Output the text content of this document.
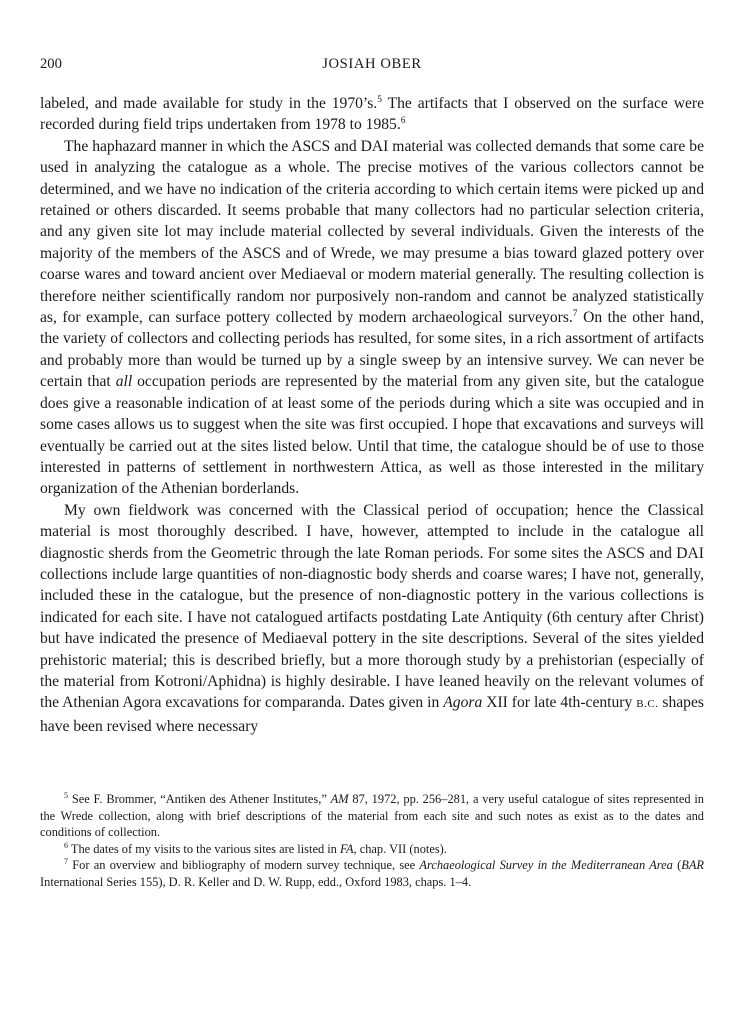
200	JOSIAH OBER

labeled, and made available for study in the 1970’s.$^5$ The artifacts that I observed on the surface were recorded during field trips undertaken from 1978 to 1985.$^6$

The haphazard manner in which the ASCS and DAI material was collected demands that some care be used in analyzing the catalogue as a whole. The precise motives of the various collectors cannot be determined, and we have no indication of the criteria according to which certain items were picked up and retained or others discarded. It seems probable that many collectors had no particular selection criteria, and any given site lot may include material collected by several individuals. Given the interests of the majority of the members of the ASCS and of Wrede, we may presume a bias toward glazed pottery over coarse wares and toward ancient over Mediaeval or modern material generally. The resulting collection is therefore neither scientifically random nor purposively non-random and cannot be analyzed statistically as, for example, can surface pottery collected by modern archaeological surveyors.$^7$ On the other hand, the variety of collectors and collecting periods has resulted, for some sites, in a rich assortment of artifacts and probably more than would be turned up by a single sweep by an intensive survey. We can never be certain that all occupation periods are represented by the material from any given site, but the catalogue does give a reasonable indication of at least some of the periods during which a site was occupied and in some cases allows us to suggest when the site was first occupied. I hope that excavations and surveys will eventually be carried out at the sites listed below. Until that time, the catalogue should be of use to those interested in patterns of settlement in northwestern Attica, as well as those interested in the military organization of the Athenian borderlands.

My own fieldwork was concerned with the Classical period of occupation; hence the Classical material is most thoroughly described. I have, however, attempted to include in the catalogue all diagnostic sherds from the Geometric through the late Roman periods. For some sites the ASCS and DAI collections include large quantities of non-diagnostic body sherds and coarse wares; I have not, generally, included these in the catalogue, but the presence of non-diagnostic pottery in the various collections is indicated for each site. I have not catalogued artifacts postdating Late Antiquity (6th century after Christ) but have indicated the presence of Mediaeval pottery in the site descriptions. Several of the sites yielded prehistoric material; this is described briefly, but a more thorough study by a prehistorian (especially of the material from Kotroni/Aphidna) is highly desirable. I have leaned heavily on the relevant volumes of the Athenian Agora excavations for comparanda. Dates given in Agora XII for late 4th-century B.C. shapes have been revised where necessary

$^5$ See F. Brommer, “Antiken des Athener Institutes,” AM 87, 1972, pp. 256–281, a very useful catalogue of sites represented in the Wrede collection, along with brief descriptions of the material from each site and such notes as exist as to the dates and conditions of collection.

$^6$ The dates of my visits to the various sites are listed in FA, chap. VII (notes).

$^7$ For an overview and bibliography of modern survey technique, see Archaeological Survey in the Mediterranean Area (BAR International Series 155), D. R. Keller and D. W. Rupp, edd., Oxford 1983, chaps. 1–4.
